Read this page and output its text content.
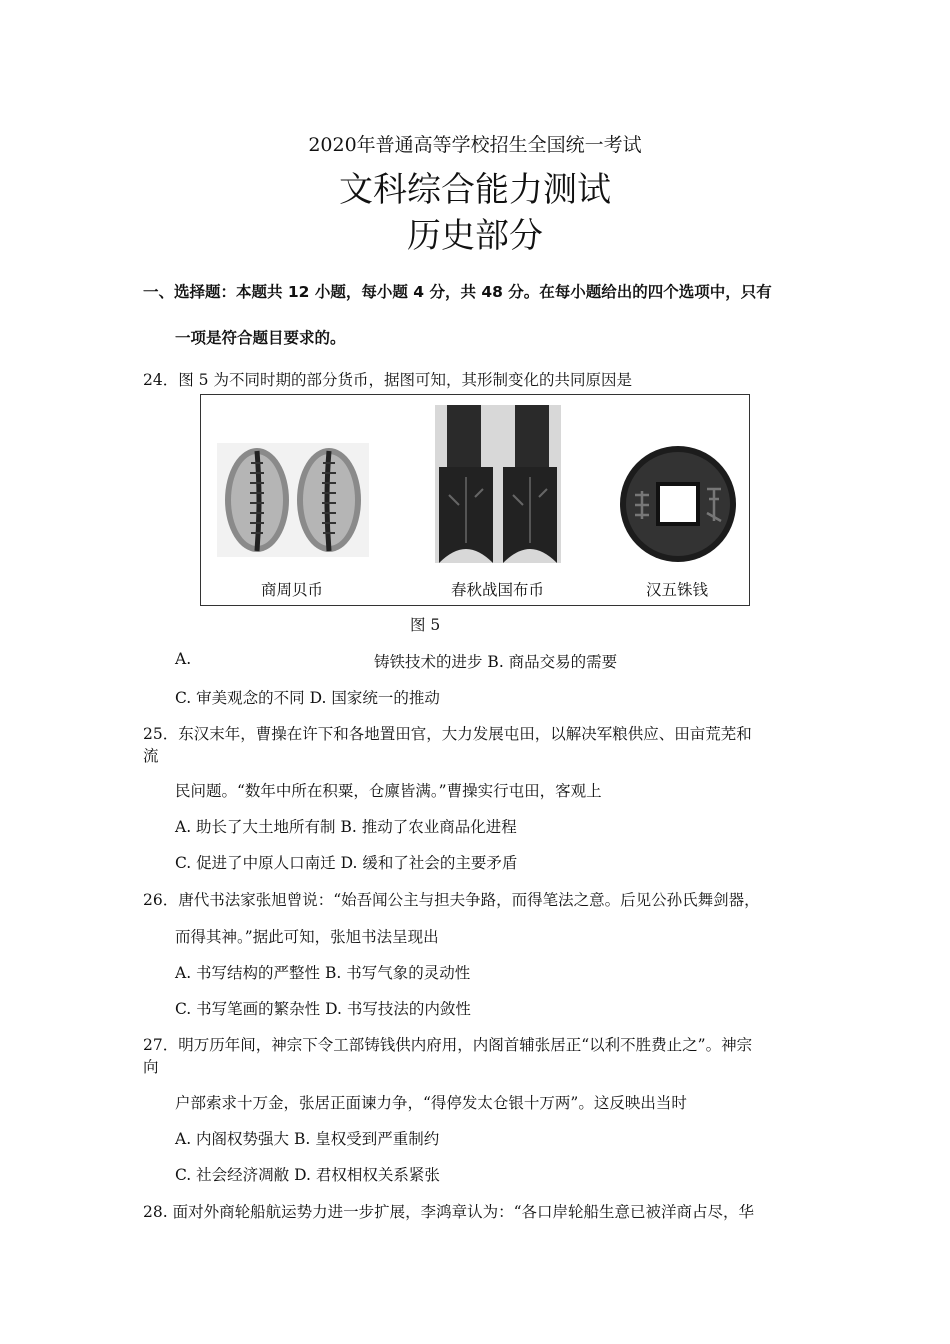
2020年普通高等学校招生全国统一考试
文科综合能力测试
历史部分
一、选择题：本题共 12 小题，每小题 4 分，共 48 分。在每小题给出的四个选项中，只有
一项是符合题目要求的。
24．图 5 为不同时期的部分货币，据图可知，其形制变化的共同原因是
商周贝币	春秋战国布币	汉五铢钱
图 5
A.	铸铁技术的进步 B. 商品交易的需要
C. 审美观念的不同 D. 国家统一的推动
25．东汉末年，曹操在许下和各地置田官，大力发展屯田，以解决军粮供应、田亩荒芜和
流
民问题。“数年中所在积粟，仓廪皆满。”曹操实行屯田，客观上
A. 助长了大土地所有制 B. 推动了农业商品化进程
C. 促进了中原人口南迁 D. 缓和了社会的主要矛盾
26．唐代书法家张旭曾说：“始吾闻公主与担夫争路，而得笔法之意。后见公孙氏舞剑器，
而得其神。”据此可知，张旭书法呈现出
A. 书写结构的严整性 B. 书写气象的灵动性
C. 书写笔画的繁杂性 D. 书写技法的内敛性
27．明万历年间，神宗下令工部铸钱供内府用，内阁首辅张居正“以利不胜费止之”。神宗
向
户部索求十万金，张居正面谏力争，“得停发太仓银十万两”。这反映出当时
A. 内阁权势强大 B. 皇权受到严重制约
C. 社会经济凋敝 D. 君权相权关系紧张
28. 面对外商轮船航运势力进一步扩展，李鸿章认为：“各口岸轮船生意已被洋商占尽，华
